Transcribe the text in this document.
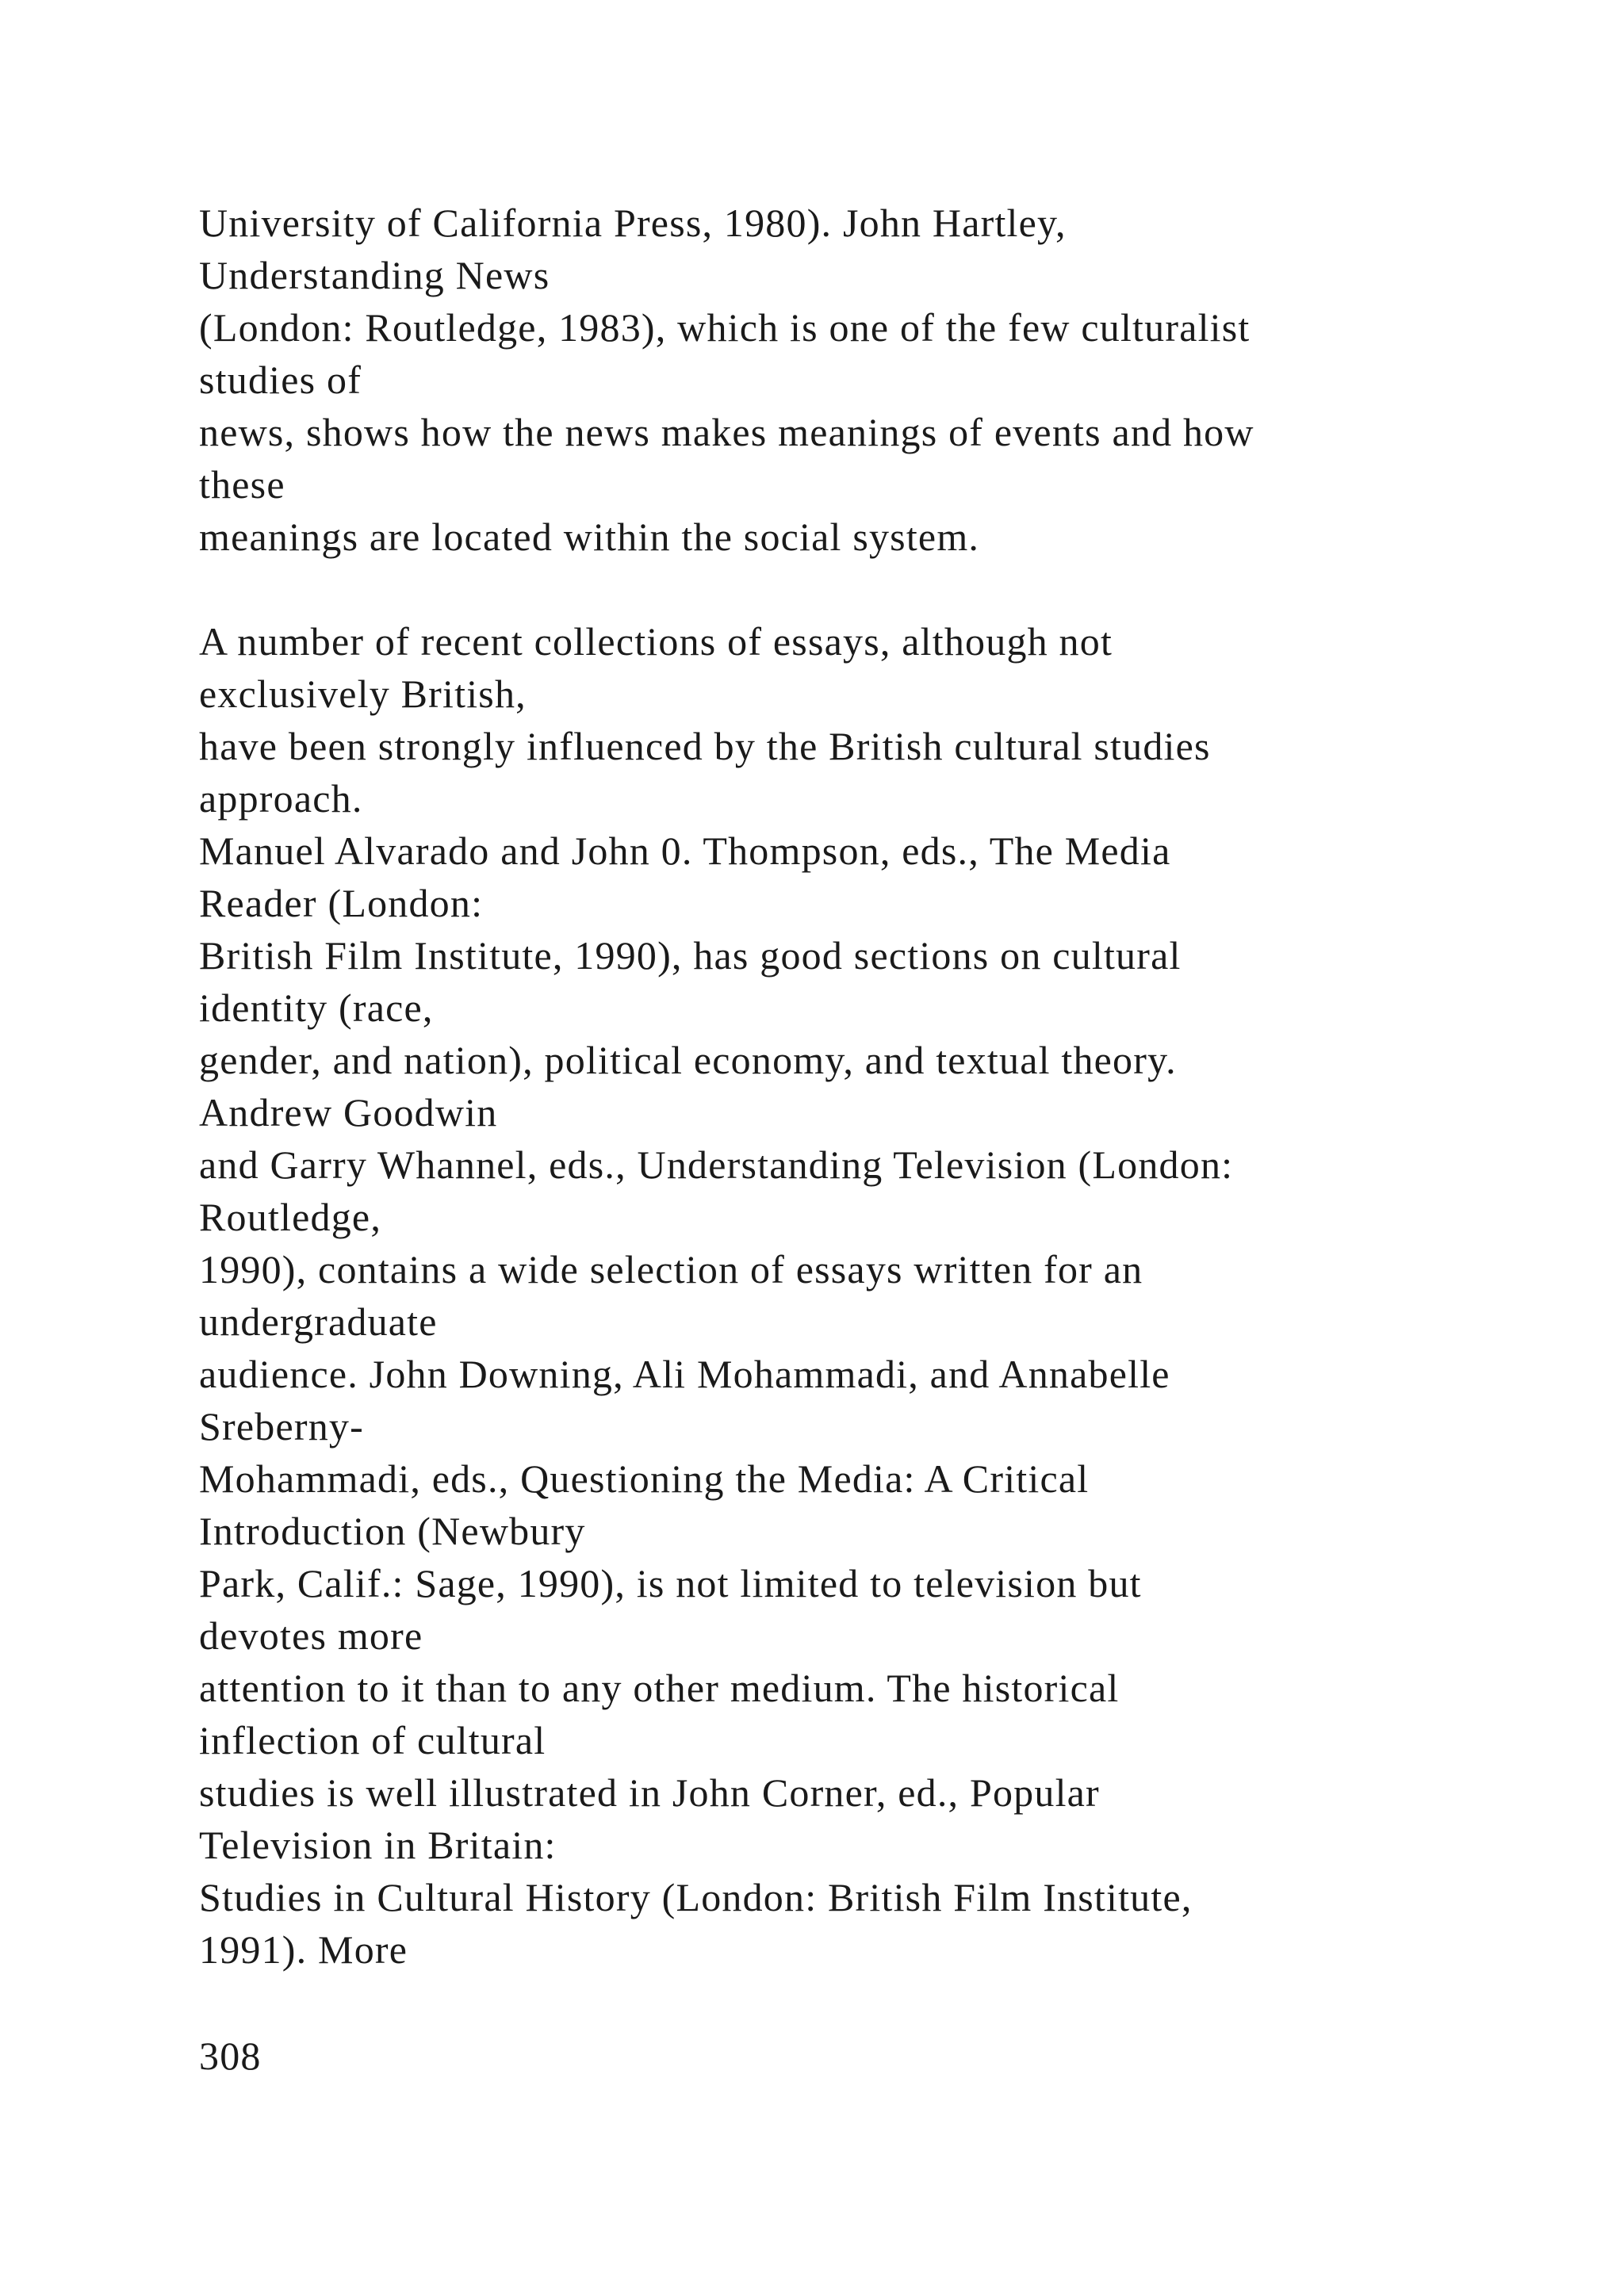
University of California Press, 1980). John Hartley,
Understanding News
(London: Routledge, 1983), which is one of the few culturalist
studies of
news, shows how the news makes meanings of events and how
these
meanings are located within the social system.
A number of recent collections of essays, although not
exclusively British,
have been strongly influenced by the British cultural studies
approach.
Manuel Alvarado and John 0. Thompson, eds., The Media
Reader (London:
British Film Institute, 1990), has good sections on cultural
identity (race,
gender, and nation), political economy, and textual theory.
Andrew Goodwin
and Garry Whannel, eds., Understanding Television (London:
Routledge,
1990), contains a wide selection of essays written for an
undergraduate
audience. John Downing, Ali Mohammadi, and Annabelle
Sreberny-
Mohammadi, eds., Questioning the Media: A Critical
Introduction (Newbury
Park, Calif.: Sage, 1990), is not limited to television but
devotes more
attention to it than to any other medium. The historical
inflection of cultural
studies is well illustrated in John Corner, ed., Popular
Television in Britain:
Studies in Cultural History (London: British Film Institute,
1991). More
308
